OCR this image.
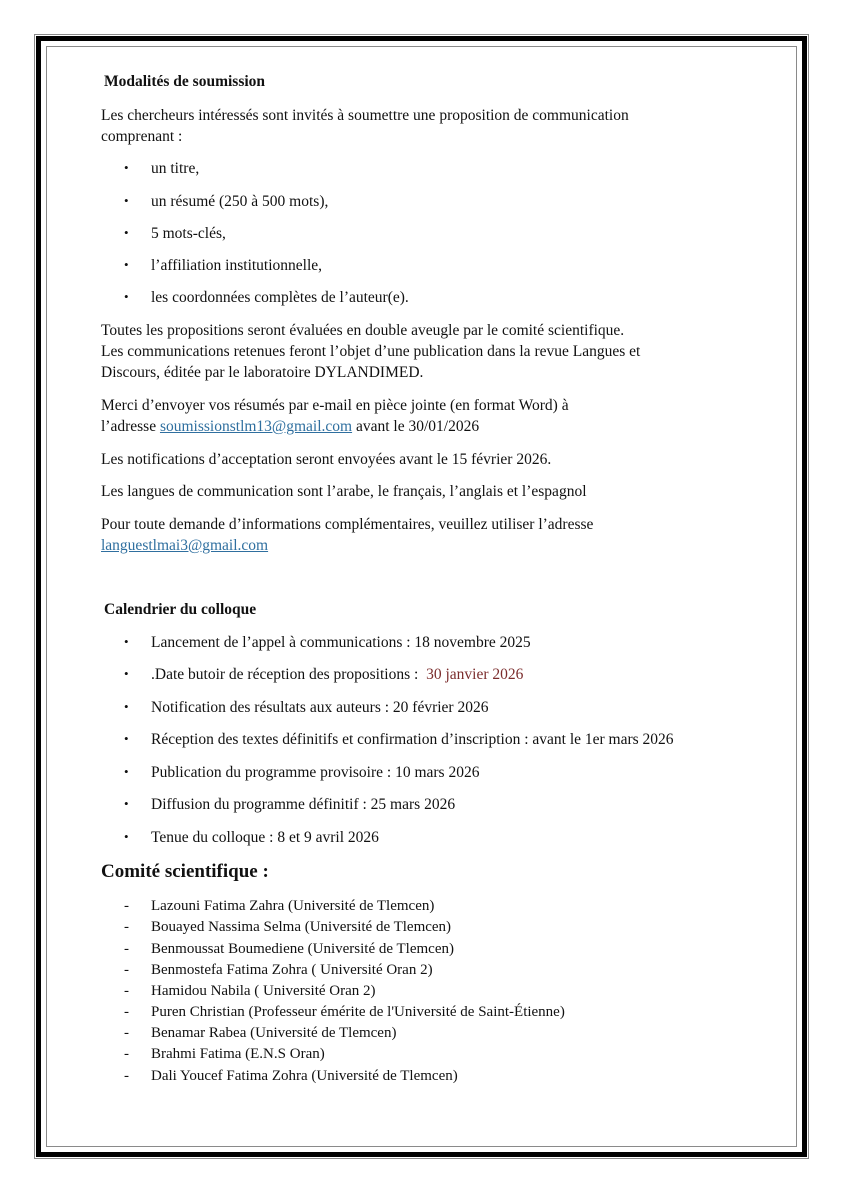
Modalités de soumission
Les chercheurs intéressés sont invités à soumettre une proposition de communication
comprenant :
• un titre,
• un résumé (250 à 500 mots),
• 5 mots-clés,
• l’affiliation institutionnelle,
• les coordonnées complètes de l’auteur(e).
Toutes les propositions seront évaluées en double aveugle par le comité scientifique.
Les communications retenues feront l’objet d’une publication dans la revue Langues et
Discours, éditée par le laboratoire DYLANDIMED.
Merci d’envoyer vos résumés par e-mail en pièce jointe (en format Word) à
l’adresse soumissionstlm13@gmail.com avant le 30/01/2026
Les notifications d’acceptation seront envoyées avant le 15 février 2026.
Les langues de communication sont l’arabe, le français, l’anglais et l’espagnol
Pour toute demande d’informations complémentaires, veuillez utiliser l’adresse
languestlmai3@gmail.com
Calendrier du colloque
• Lancement de l’appel à communications : 18 novembre 2025
• .Date butoir de réception des propositions :  30 janvier 2026
• Notification des résultats aux auteurs : 20 février 2026
• Réception des textes définitifs et confirmation d’inscription : avant le 1er mars 2026
• Publication du programme provisoire : 10 mars 2026
• Diffusion du programme définitif : 25 mars 2026
• Tenue du colloque : 8 et 9 avril 2026
Comité scientifique :
- Lazouni Fatima Zahra (Université de Tlemcen)
- Bouayed Nassima Selma (Université de Tlemcen)
- Benmoussat Boumediene (Université de Tlemcen)
- Benmostefa Fatima Zohra ( Université Oran 2)
- Hamidou Nabila ( Université Oran 2)
- Puren Christian (Professeur émérite de l'Université de Saint-Étienne)
- Benamar Rabea (Université de Tlemcen)
- Brahmi Fatima (E.N.S Oran)
- Dali Youcef Fatima Zohra (Université de Tlemcen)
